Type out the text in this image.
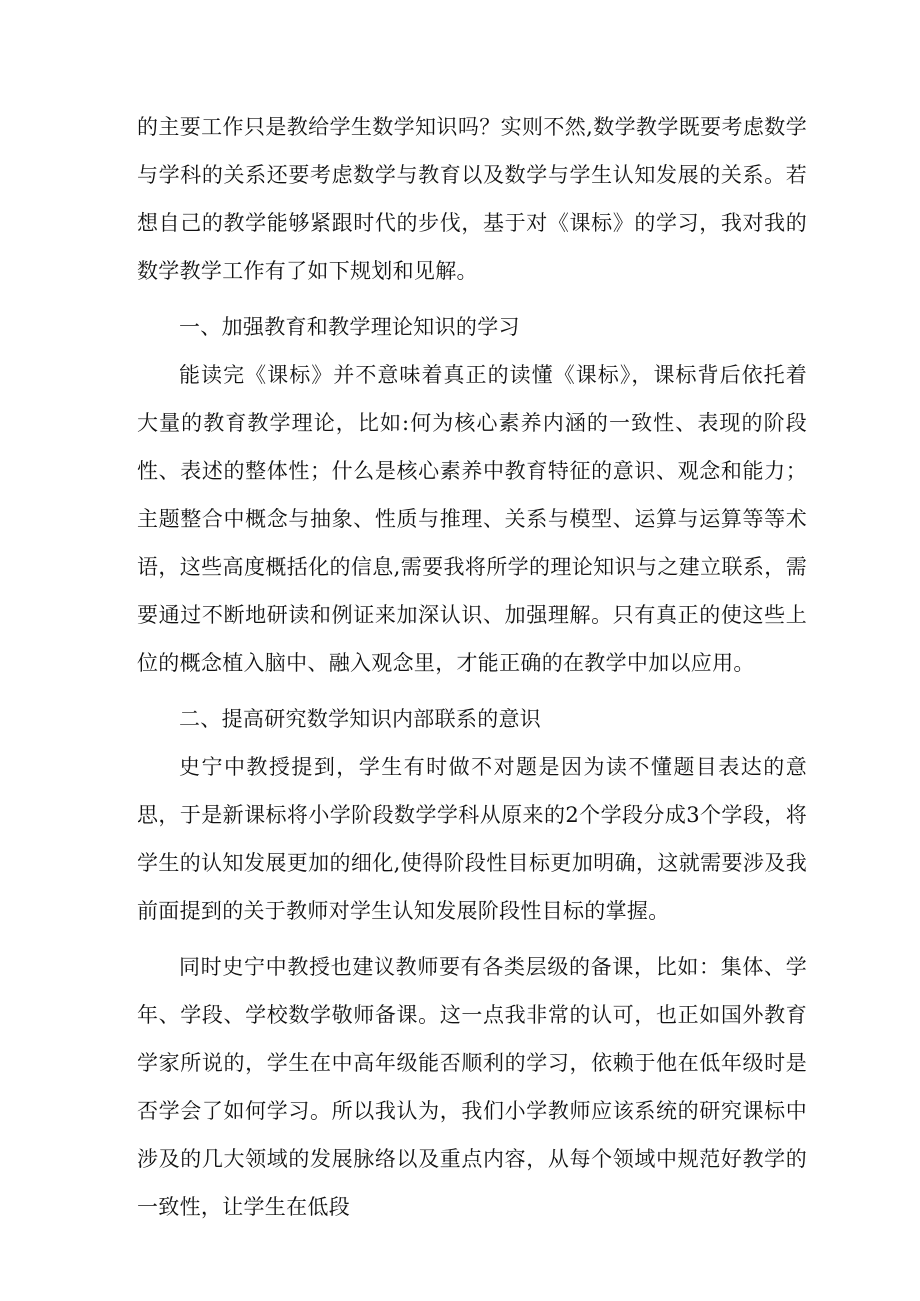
的主要工作只是教给学生数学知识吗？实则不然,数学教学既要考虑数学与学科的关系还要考虑数学与教育以及数学与学生认知发展的关系。若想自己的教学能够紧跟时代的步伐，基于对《课标》的学习，我对我的数学教学工作有了如下规划和见解。

一、加强教育和教学理论知识的学习

能读完《课标》并不意味着真正的读懂《课标》，课标背后依托着大量的教育教学理论，比如:何为核心素养内涵的一致性、表现的阶段性、表述的整体性；什么是核心素养中教育特征的意识、观念和能力；主题整合中概念与抽象、性质与推理、关系与模型、运算与运算等等术语，这些高度概括化的信息,需要我将所学的理论知识与之建立联系，需要通过不断地研读和例证来加深认识、加强理解。只有真正的使这些上位的概念植入脑中、融入观念里，才能正确的在教学中加以应用。

二、提高研究数学知识内部联系的意识

史宁中教授提到，学生有时做不对题是因为读不懂题目表达的意思，于是新课标将小学阶段数学学科从原来的2个学段分成3个学段，将学生的认知发展更加的细化,使得阶段性目标更加明确，这就需要涉及我前面提到的关于教师对学生认知发展阶段性目标的掌握。

同时史宁中教授也建议教师要有各类层级的备课，比如：集体、学年、学段、学校数学敬师备课。这一点我非常的认可，也正如国外教育学家所说的，学生在中高年级能否顺利的学习，依赖于他在低年级时是否学会了如何学习。所以我认为，我们小学教师应该系统的研究课标中涉及的几大领域的发展脉络以及重点内容，从每个领域中规范好教学的一致性，让学生在低段
